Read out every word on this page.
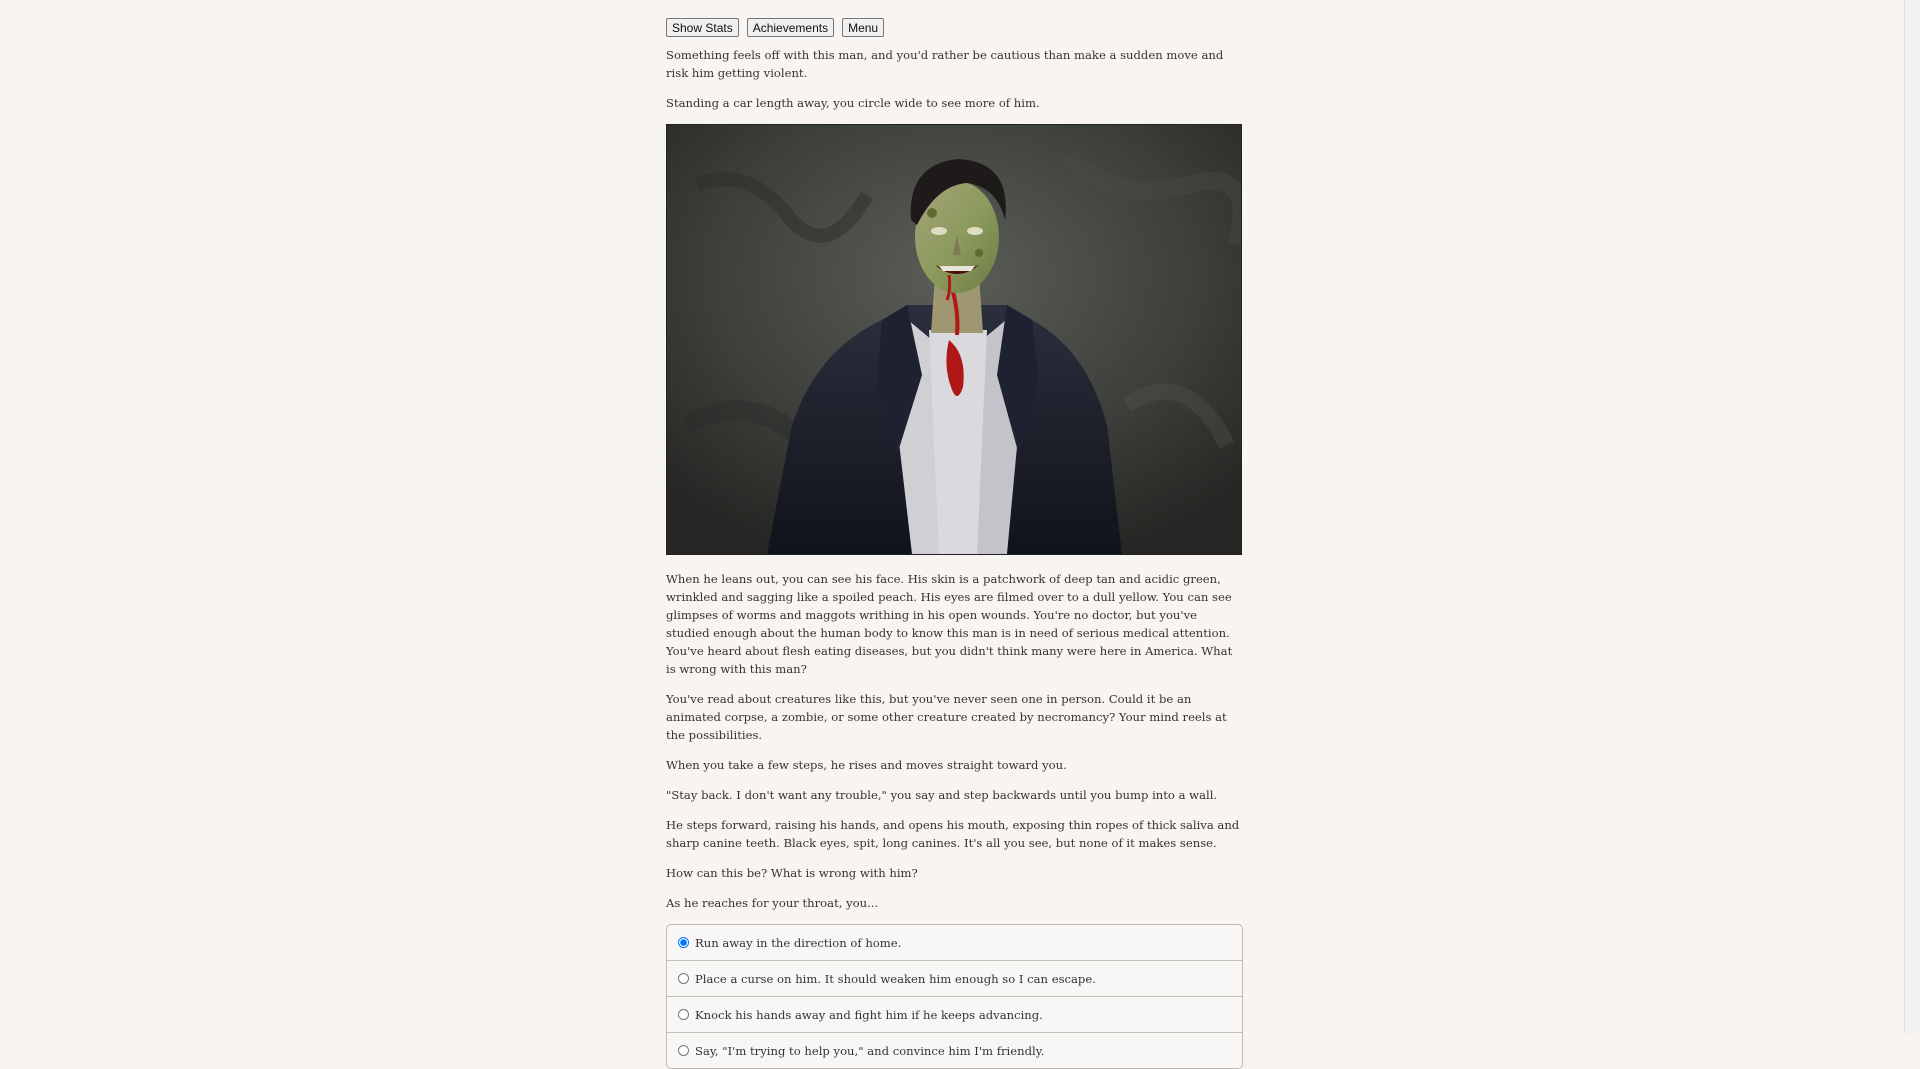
Show Stats	Achievements	Menu

Something feels off with this man, and you'd rather be cautious than make a sudden move and risk him getting violent.

Standing a car length away, you circle wide to see more of him.

When he leans out, you can see his face. His skin is a patchwork of deep tan and acidic green, wrinkled and sagging like a spoiled peach. His eyes are filmed over to a dull yellow. You can see glimpses of worms and maggots writhing in his open wounds. You're no doctor, but you've studied enough about the human body to know this man is in need of serious medical attention. You've heard about flesh eating diseases, but you didn't think many were here in America. What is wrong with this man?

You've read about creatures like this, but you've never seen one in person. Could it be an animated corpse, a zombie, or some other creature created by necromancy? Your mind reels at the possibilities.

When you take a few steps, he rises and moves straight toward you.

"Stay back. I don't want any trouble," you say and step backwards until you bump into a wall.

He steps forward, raising his hands, and opens his mouth, exposing thin ropes of thick saliva and sharp canine teeth. Black eyes, spit, long canines. It's all you see, but none of it makes sense.

How can this be? What is wrong with him?

As he reaches for your throat, you...

Run away in the direction of home.
Place a curse on him. It should weaken him enough so I can escape.
Knock his hands away and fight him if he keeps advancing.
Say, "I'm trying to help you," and convince him I'm friendly.
